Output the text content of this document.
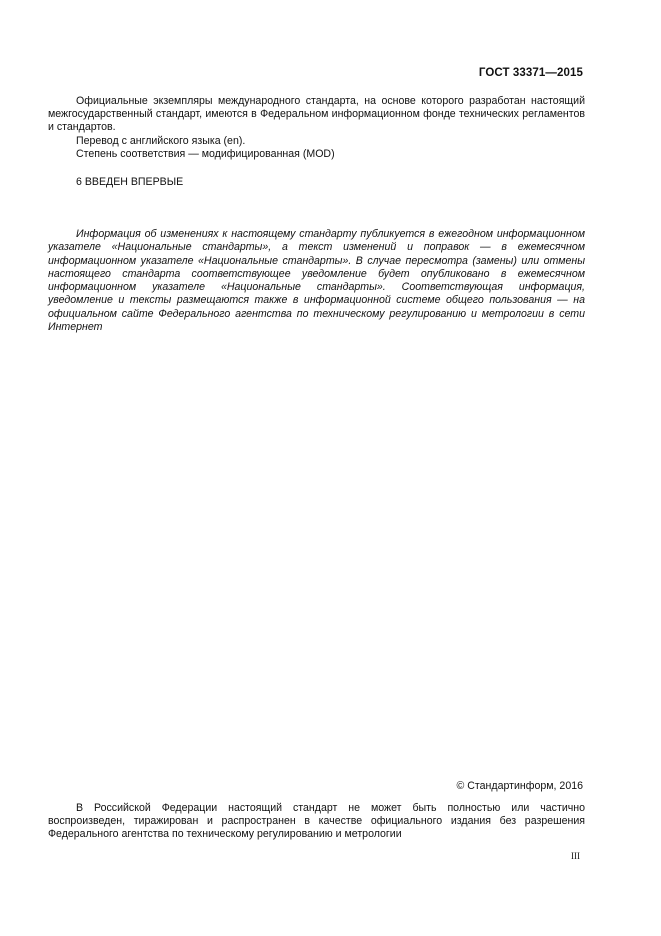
ГОСТ 33371—2015

Официальные экземпляры международного стандарта, на основе которого разработан настоящий межгосударственный стандарт, имеются в Федеральном информационном фонде технических регламентов и стандартов.

Перевод с английского языка (en).

Степень соответствия — модифицированная (MOD)

6 ВВЕДЕН ВПЕРВЫЕ

Информация об изменениях к настоящему стандарту публикуется в ежегодном информационном указателе «Национальные стандарты», а текст изменений и поправок — в ежемесячном информационном указателе «Национальные стандарты». В случае пересмотра (замены) или отмены настоящего стандарта соответствующее уведомление будет опубликовано в ежемесячном информационном указателе «Национальные стандарты». Соответствующая информация, уведомление и тексты размещаются также в информационной системе общего пользования — на официальном сайте Федерального агентства по техническому регулированию и метрологии в сети Интернет

© Стандартинформ, 2016

В Российской Федерации настоящий стандарт не может быть полностью или частично воспроизведен, тиражирован и распространен в качестве официального издания без разрешения Федерального агентства по техническому регулированию и метрологии

III
